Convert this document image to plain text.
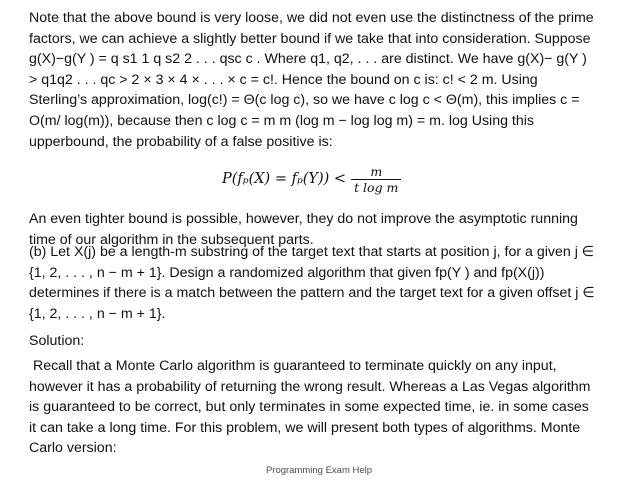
Note that the above bound is very loose, we did not even use the distinctness of the prime
factors, we can achieve a slightly better bound if we take that into consideration. Suppose
g(X)−g(Y ) = q s1 1 q s2 2 . . . qsc c . Where q1, q2, . . . are distinct. We have g(X)− g(Y )
> q1q2 . . . qc > 2 × 3 × 4 × . . . × c = c!. Hence the bound on c is: c! < 2 m. Using
Sterling’s approximation, log(c!) = Θ(c log c), so we have c log c < Θ(m), this implies c =
O(m/ log(m)), because then c log c = m m (log m − log log m) = m. log Using this
upperbound, the probability of a false positive is:

$P(f_p(X) = f_p(Y)) < \frac{m}{\text{t log m}}$

An even tighter bound is possible, however, they do not improve the asymptotic running
time of our algorithm in the subsequent parts.

(b) Let X(j) be a length-m substring of the target text that starts at position j, for a given j ∈
{1, 2, . . . , n − m + 1}. Design a randomized algorithm that given fp(Y ) and fp(X(j))
determines if there is a match between the pattern and the target text for a given offset j ∈
{1, 2, . . . , n − m + 1}.

Solution:

Recall that a Monte Carlo algorithm is guaranteed to terminate quickly on any input,
however it has a probability of returning the wrong result. Whereas a Las Vegas algorithm
is guaranteed to be correct, but only terminates in some expected time, ie. in some cases
it can take a long time. For this problem, we will present both types of algorithms. Monte
Carlo version:

Programming Exam Help
